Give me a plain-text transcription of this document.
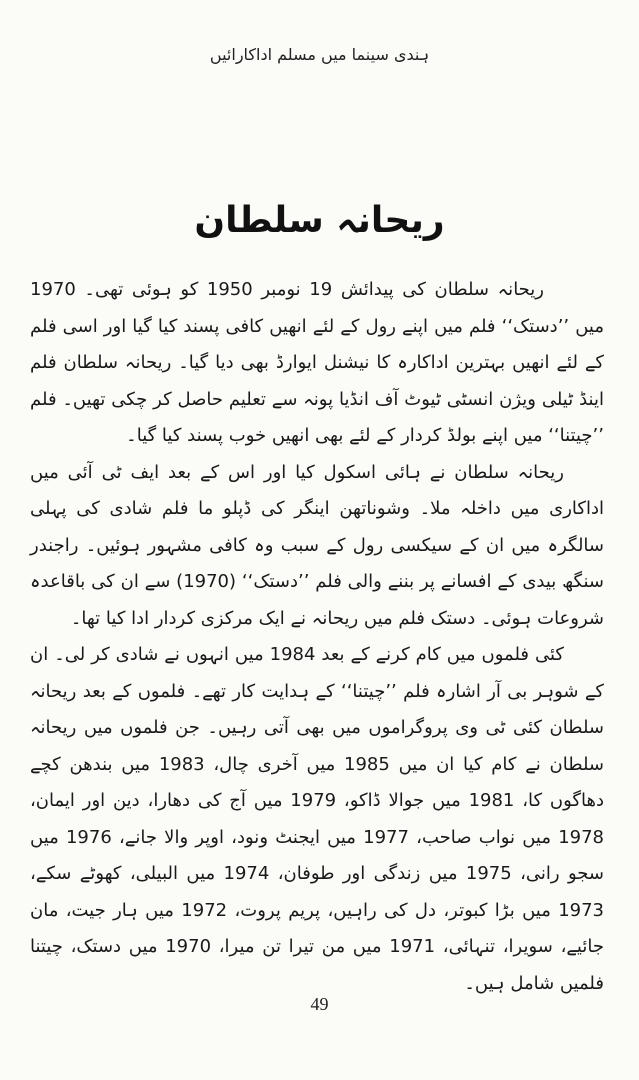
ہندی سینما میں مسلم اداکارائیں
ریحانہ سلطان

ریحانہ سلطان کی پیدائش 19 نومبر 1950 کو ہوئی تھی۔ 1970 میں ’’دستک‘‘ فلم میں اپنے رول کے لئے انھیں کافی پسند کیا گیا اور اسی فلم کے لئے انھیں بہترین اداکارہ کا نیشنل ایوارڈ بھی دیا گیا۔ ریحانہ سلطان فلم اینڈ ٹیلی ویژن انسٹی ٹیوٹ آف انڈیا پونہ سے تعلیم حاصل کر چکی تھیں۔ فلم ’’چیتنا‘‘ میں اپنے بولڈ کردار کے لئے بھی انھیں خوب پسند کیا گیا۔

ریحانہ سلطان نے ہائی اسکول کیا اور اس کے بعد ایف ٹی آئی میں اداکاری میں داخلہ ملا۔ وشوناتھن اینگر کی ڈپلو ما فلم شادی کی پہلی سالگرہ میں ان کے سیکسی رول کے سبب وہ کافی مشہور ہوئیں۔ راجندر سنگھ بیدی کے افسانے پر بننے والی فلم ’’دستک‘‘ (1970) سے ان کی باقاعدہ شروعات ہوئی۔ دستک فلم میں ریحانہ نے ایک مرکزی کردار ادا کیا تھا۔

کئی فلموں میں کام کرنے کے بعد 1984 میں انہوں نے شادی کر لی۔ ان کے شوہر بی آر اشارہ فلم ’’چیتنا‘‘ کے ہدایت کار تھے۔ فلموں کے بعد ریحانہ سلطان کئی ٹی وی پروگراموں میں بھی آتی رہیں۔ جن فلموں میں ریحانہ سلطان نے کام کیا ان میں 1985 میں آخری چال، 1983 میں بندھن کچے دھاگوں کا، 1981 میں جوالا ڈاکو، 1979 میں آج کی دھارا، دین اور ایمان، 1978 میں نواب صاحب، 1977 میں ایجنٹ ونود، اوپر والا جانے، 1976 میں سجو رانی، 1975 میں زندگی اور طوفان، 1974 میں البیلی، کھوٹے سکے، 1973 میں بڑا کبوتر، دل کی راہیں، پریم پروت، 1972 میں ہار جیت، مان جائیے، سویرا، تنہائی، 1971 میں من تیرا تن میرا، 1970 میں دستک، چیتنا فلمیں شامل ہیں۔

49
